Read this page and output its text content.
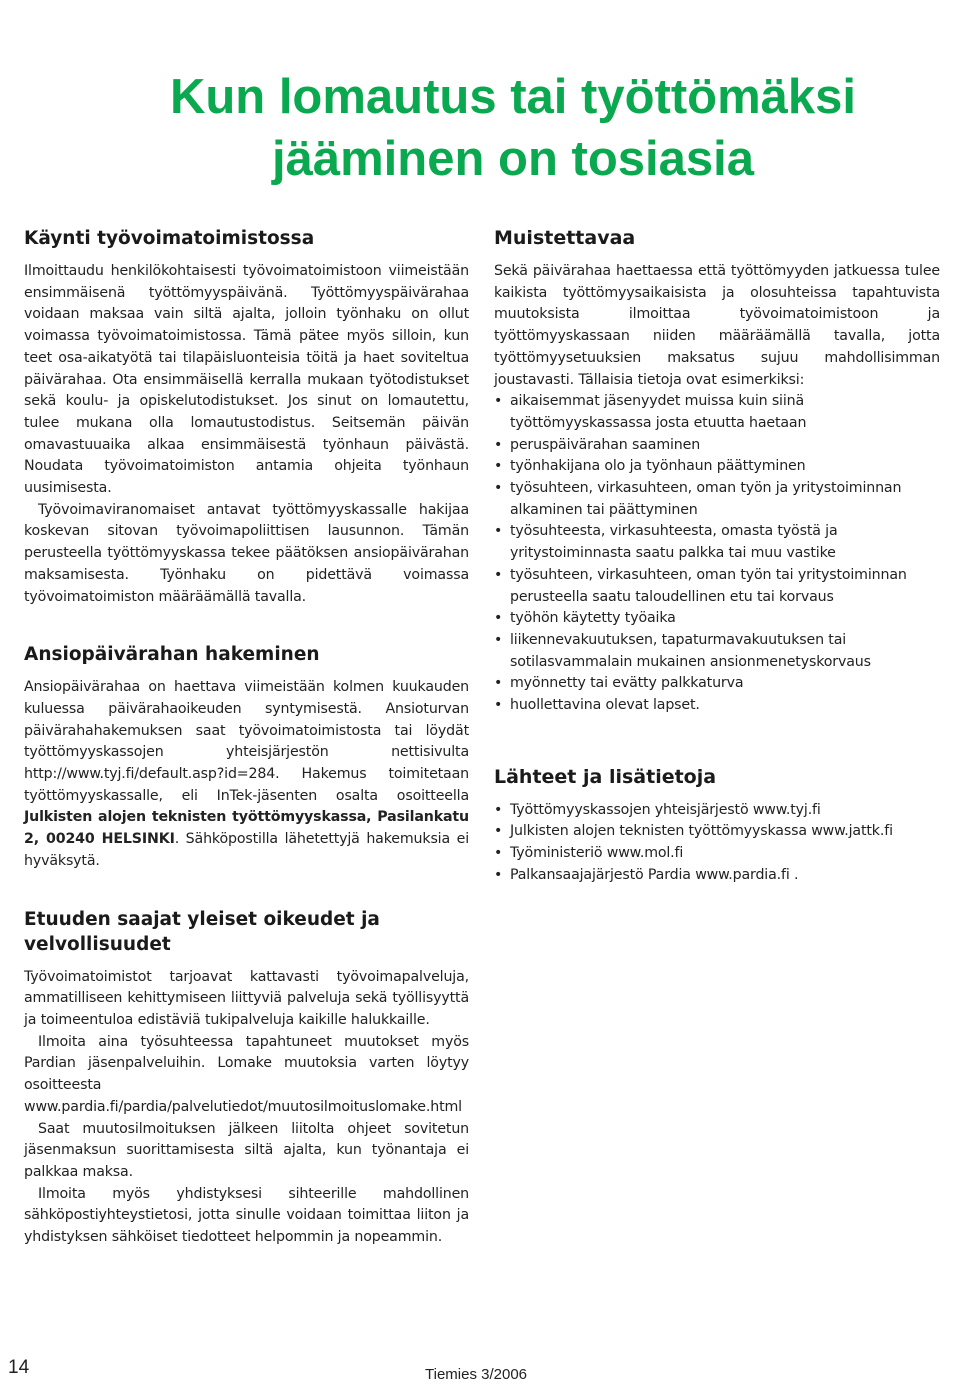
Kun lomautus tai työttömäksi jääminen on tosiasia
Käynti työvoimatoimistossa

Ilmoittaudu henkilökohtaisesti työvoimatoimistoon viimeistään ensimmäisenä työttömyyspäivänä. Työttömyyspäivärahaa voidaan maksaa vain siltä ajalta, jolloin työnhaku on ollut voimassa työvoimatoimistossa. Tämä pätee myös silloin, kun teet osa-aikatyötä tai tilapäisluonteisia töitä ja haet soviteltua päivärahaa. Ota ensimmäisellä kerralla mukaan työtodistukset sekä koulu- ja opiskelutodistukset. Jos sinut on lomautettu, tulee mukana olla lomautustodistus. Seitsemän päivän omavastuuaika alkaa ensimmäisestä työnhaun päivästä. Noudata työvoimatoimiston antamia ohjeita työnhaun uusimisesta.

Työvoimaviranomaiset antavat työttömyyskassalle hakijaa koskevan sitovan työvoimapoliittisen lausunnon. Tämän perusteella työttömyyskassa tekee päätöksen ansiopäivärahan maksamisesta. Työnhaku on pidettävä voimassa työvoimatoimiston määräämällä tavalla.

Ansiopäivärahan hakeminen

Ansiopäivärahaa on haettava viimeistään kolmen kuukauden kuluessa päivärahaoikeuden syntymisestä. Ansioturvan päivärahahakemuksen saat työvoimatoimistosta tai löydät työttömyyskassojen yhteisjärjestön nettisivulta http://www.tyj.fi/default.asp?id=284. Hakemus toimitetaan työttömyyskassalle, eli InTek-jäsenten osalta osoitteella Julkisten alojen teknisten työttömyyskassa, Pasilankatu 2, 00240 HELSINKI. Sähköpostilla lähetettyjä hakemuksia ei hyväksytä.

Etuuden saajat yleiset oikeudet ja velvollisuudet

Työvoimatoimistot tarjoavat kattavasti työvoimapalveluja, ammatilliseen kehittymiseen liittyviä palveluja sekä työllisyyttä ja toimeentuloa edistäviä tukipalveluja kaikille halukkaille.

Ilmoita aina työsuhteessa tapahtuneet muutokset myös Pardian jäsenpalveluihin. Lomake muutoksia varten löytyy osoitteesta www.pardia.fi/pardia/palvelutiedot/muutosilmoituslomake.html

Saat muutosilmoituksen jälkeen liitolta ohjeet sovitetun jäsenmaksun suorittamisesta siltä ajalta, kun työnantaja ei palkkaa maksa.

Ilmoita myös yhdistyksesi sihteerille mahdollinen sähköpostiyhteystietosi, jotta sinulle voidaan toimittaa liiton ja yhdistyksen sähköiset tiedotteet helpommin ja nopeammin.

Muistettavaa

Sekä päivärahaa haettaessa että työttömyyden jatkuessa tulee kaikista työttömyysaikaisista ja olosuhteissa tapahtuvista muutoksista ilmoittaa työvoimatoimistoon ja työttömyyskassaan niiden määräämällä tavalla, jotta työttömyysetuuksien maksatus sujuu mahdollisimman joustavasti. Tällaisia tietoja ovat esimerkiksi:

• aikaisemmat jäsenyydet muissa kuin siinä työttömyyskassassa josta etuutta haetaan
• peruspäivärahan saaminen
• työnhakijana olo ja työnhaun päättyminen
• työsuhteen, virkasuhteen, oman työn ja yritystoiminnan alkaminen tai päättyminen
• työsuhteesta, virkasuhteesta, omasta työstä ja yritystoiminnasta saatu palkka tai muu vastike
• työsuhteen, virkasuhteen, oman työn tai yritystoiminnan perusteella saatu taloudellinen etu tai korvaus
• työhön käytetty työaika
• liikennevakuutuksen, tapaturmavakuutuksen tai sotilasvammalain mukainen ansionmenetyskorvaus
• myönnetty tai evätty palkkaturva
• huollettavina olevat lapset.
Lähteet ja lisätietoja
• Työttömyyskassojen yhteisjärjestö www.tyj.fi
• Julkisten alojen teknisten työttömyyskassa www.jattk.fi
• Työministeriö www.mol.fi
• Palkansaajajärjestö Pardia www.pardia.fi .
14	Tiemies 3/2006
